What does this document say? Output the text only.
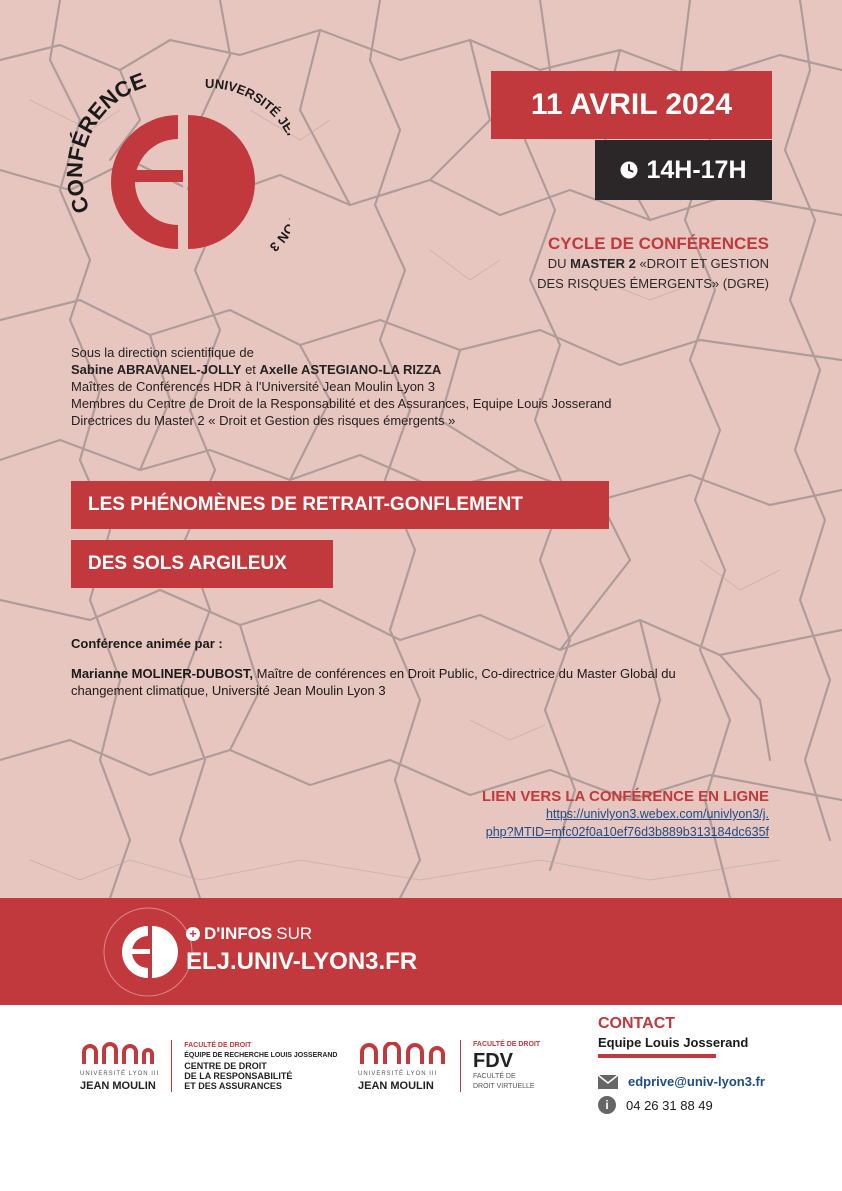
CONFÉRENCE	UNIVERSITÉ J 3
11 AVRIL 2024
14H-17H
CYCLE DE CONFÉRENCES
DU MASTER 2 «DROIT ET GESTION
DES RISQUES ÉMERGENTS» (DGRE)
Sous la direction scientifique de
Sabine ABRAVANEL-JOLLY et Axelle ASTEGIANO-LA RIZZA
Maîtres de Conférences HDR à l'Université Jean Moulin Lyon 3
Membres du Centre de Droit de la Responsabilité et des Assurances, Equipe Louis Josserand
Directrices du Master 2 « Droit et Gestion des risques émergents »
LES PHÉNOMÈNES DE RETRAIT-GONFLEMENT
DES SOLS ARGILEUX
Conférence animée par :
Marianne MOLINER-DUBOST, Maître de conférences en Droit Public, Co-directrice du Master Global du changement climatique, Université Jean Moulin Lyon 3
LIEN VERS LA CONFÉRENCE EN LIGNE
https://univlyon3.webex.com/univlyon3/j.
php?MTID=mfc02f0a10ef76d3b889b313184dc635f
+ D'INFOS SUR
ELJ.UNIV-LYON3.FR
UNIVERSITÉ LYON III
JEAN MOULIN
FACULTÉ DE DROIT
ÉQUIPE DE RECHERCHE LOUIS JOSSERAND
CENTRE DE DROIT
DE LA RESPONSABILITÉ
ET DES ASSURANCES
UNIVERSITÉ LYON III
JEAN MOULIN
FACULTÉ DE DROIT
FDV
FACULTÉ DE
DROIT VIRTUELLE
CONTACT
Equipe Louis Josserand
edprive@univ-lyon3.fr
i	04 26 31 88 49
